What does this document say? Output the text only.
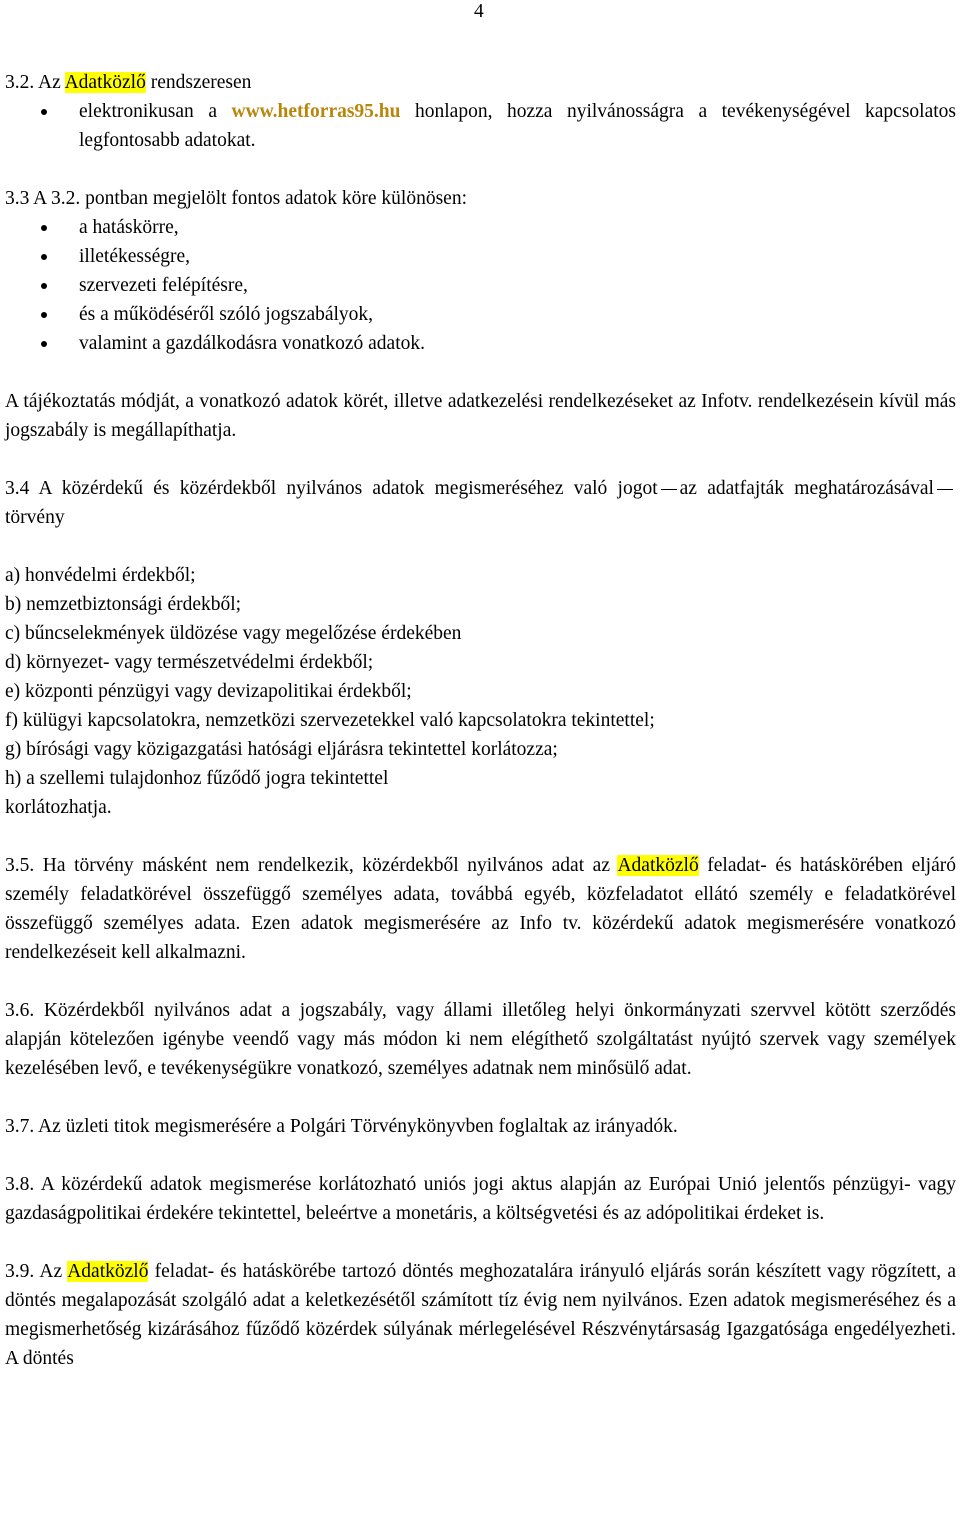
4

3.2. Az Adatközlő rendszeresen

elektronikusan a www.hetforras95.hu honlapon, hozza nyilvánosságra a tevékenységével kapcsolatos legfontosabb adatokat.

3.3 A 3.2. pontban megjelölt fontos adatok köre különösen:

a hatáskörre,
illetékességre,
szervezeti felépítésre,
és a működéséről szóló jogszabályok,
valamint a gazdálkodásra vonatkozó adatok.

A tájékoztatás módját, a vonatkozó adatok körét, illetve adatkezelési rendelkezéseket az Infotv. rendelkezésein kívül más jogszabály is megállapíthatja.

3.4 A közérdekű és közérdekből nyilvános adatok megismeréséhez való jogot az adatfajták meghatározásávaltörvény

a) honvédelmi érdekből;

b) nemzetbiztonsági érdekből;

c) bűncselekmények üldözése vagy megelőzése érdekében

d) környezet- vagy természetvédelmi érdekből;

e) központi pénzügyi vagy devizapolitikai érdekből;

f) külügyi kapcsolatokra, nemzetközi szervezetekkel való kapcsolatokra tekintettel;

g) bírósági vagy közigazgatási hatósági eljárásra tekintettel korlátozza;

h) a szellemi tulajdonhoz fűződő jogra tekintettel

korlátozhatja.

3.5. Ha törvény másként nem rendelkezik, közérdekből nyilvános adat az Adatközlő feladat- és hatáskörében eljáró személy feladatkörével összefüggő személyes adata, továbbá egyéb, közfeladatot ellátó személy e feladatkörével összefüggő személyes adata. Ezen adatok megismerésére az Info tv. közérdekű adatok megismerésére vonatkozó rendelkezéseit kell alkalmazni.

3.6. Közérdekből nyilvános adat a jogszabály, vagy állami illetőleg helyi önkormányzati szervvel kötött szerződés alapján kötelezően igénybe veendő vagy más módon ki nem elégíthető szolgáltatást nyújtó szervek vagy személyek kezelésében levő, e tevékenységükre vonatkozó, személyes adatnak nem minősülő adat.

3.7. Az üzleti titok megismerésére a Polgári Törvénykönyvben foglaltak az irányadók.

3.8. A közérdekű adatok megismerése korlátozható uniós jogi aktus alapján az Európai Unió jelentős pénzügyi- vagy gazdaságpolitikai érdekére tekintettel, beleértve a monetáris, a költségvetési és az adópolitikai érdeket is.

3.9. Az Adatközlő feladat- és hatáskörébe tartozó döntés meghozatalára irányuló eljárás során készített vagy rögzített, a döntés megalapozását szolgáló adat a keletkezésétől számított tíz évig nem nyilvános. Ezen adatok megismeréséhez és a megismerhetőség kizárásához fűződő közérdek súlyának mérlegelésével Részvénytársaság Igazgatósága engedélyezheti. A döntés
